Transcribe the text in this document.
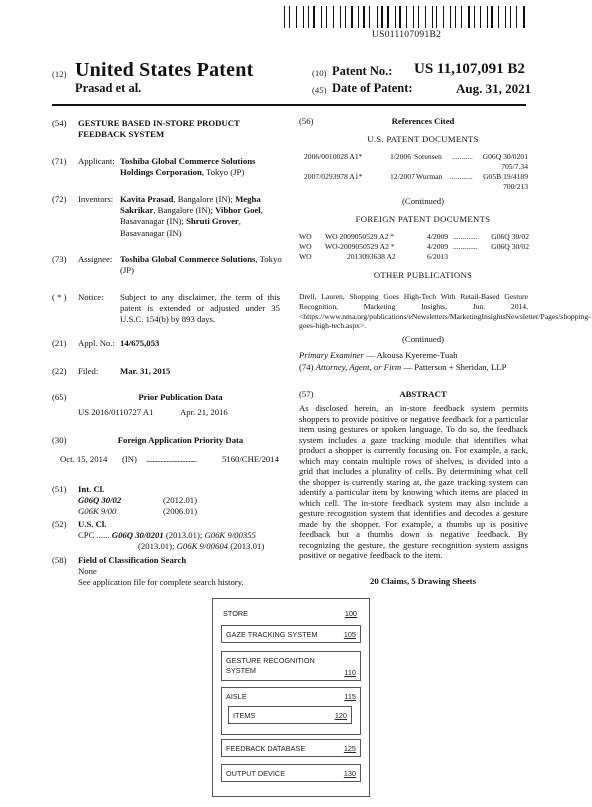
US011107091B2
(12) United States Patent
Prasad et al.
(10) Patent No.: US 11,107,091 B2
(45) Date of Patent:	Aug. 31, 2021
(54) GESTURE BASED IN-STORE PRODUCT FEEDBACK SYSTEM
(71) Applicant: Toshiba Global Commerce Solutions Holdings Corporation, Tokyo (JP)
(72) Inventors: Kavita Prasad, Bangalore (IN); Megha Sakrikar, Bangalore (IN); Vibhor Goel, Basavanagar (IN); Shruti Grover, Basavanagar (IN)
(73) Assignee: Toshiba Global Commerce Solutions, Tokyo (JP)
( * ) Notice: Subject to any disclaimer, the term of this patent is extended or adjusted under 35 U.S.C. 154(b) by 893 days.
(21) Appl. No.: 14/675,053
(22) Filed: Mar. 31, 2015
(65)	Prior Publication Data
US 2016/0110727 A1	Apr. 21, 2016
(30)	Foreign Application Priority Data
Oct. 15, 2014 (IN) ................................	5160/CHE/2014
(51) Int. Cl.
G06Q 30/02	(2012.01)
G06K 9/00	(2006.01)
(52) U.S. Cl.
CPC ...... G06Q 30/0201 (2013.01); G06K 9/00355
(2013.01); G06K 9/00604 (2013.01)
(58) Field of Classification Search
None
See application file for complete search history.
(56)	References Cited
U.S. PATENT DOCUMENTS
2006/0010028 A1*	1/2006 Sorensen ........... G06Q 30/0201
705/7.34
2007/0293978 A1*	12/2007 Wurman ............ G05B 19/4189
700/213
(Continued)
FOREIGN PATENT DOCUMENTS
WO WO 2009050529 A2 *	4/2009 ............. G06Q 30/02
WO WO-2009050529 A2 *	4/2009 ............. G06Q 30/02
WO	2013093638 A2	6/2013
OTHER PUBLICATIONS
Drell, Lauren, Shopping Goes High-Tech With Retail-Based Gesture Recognition, Marketing Insights, Jun. 2014, <https://www.nma.org/publications/eNewsletters/MarketingInsightsNewsletter/Pages/shopping-goes-high-tech.aspx>.
(Continued)
Primary Examiner — Akousa Kyereme-Tuah
(74) Attorney, Agent, or Firm — Patterson + Sheridan, LLP
(57)	ABSTRACT
As disclosed herein, an in-store feedback system permits shoppers to provide positive or negative feedback for a particular item using gestures or spoken language. To do so, the feedback system includes a gaze tracking module that identifies what product a shopper is currently focusing on. For example, a rack, which may contain multiple rows of shelves, is divided into a grid that includes a plurality of cells. By determining what cell the shopper is currently staring at, the gaze tracking system can identify a particular item by knowing which items are placed in which cell. The in-store feedback system may also include a gesture recognition system that identifies and decodes a gesture made by the shopper. For example, a thumbs up is positive feedback but a thumbs down is negative feedback. By recognizing the gesture, the gesture recognition system assigns positive or negative feedback to the item.
20 Claims, 5 Drawing Sheets
STORE	100
GAZE TRACKING SYSTEM	105
GESTURE RECOGNITION
SYSTEM	110
AISLE	115
ITEMS	120
FEEDBACK DATABASE	125
OUTPUT DEVICE	130
